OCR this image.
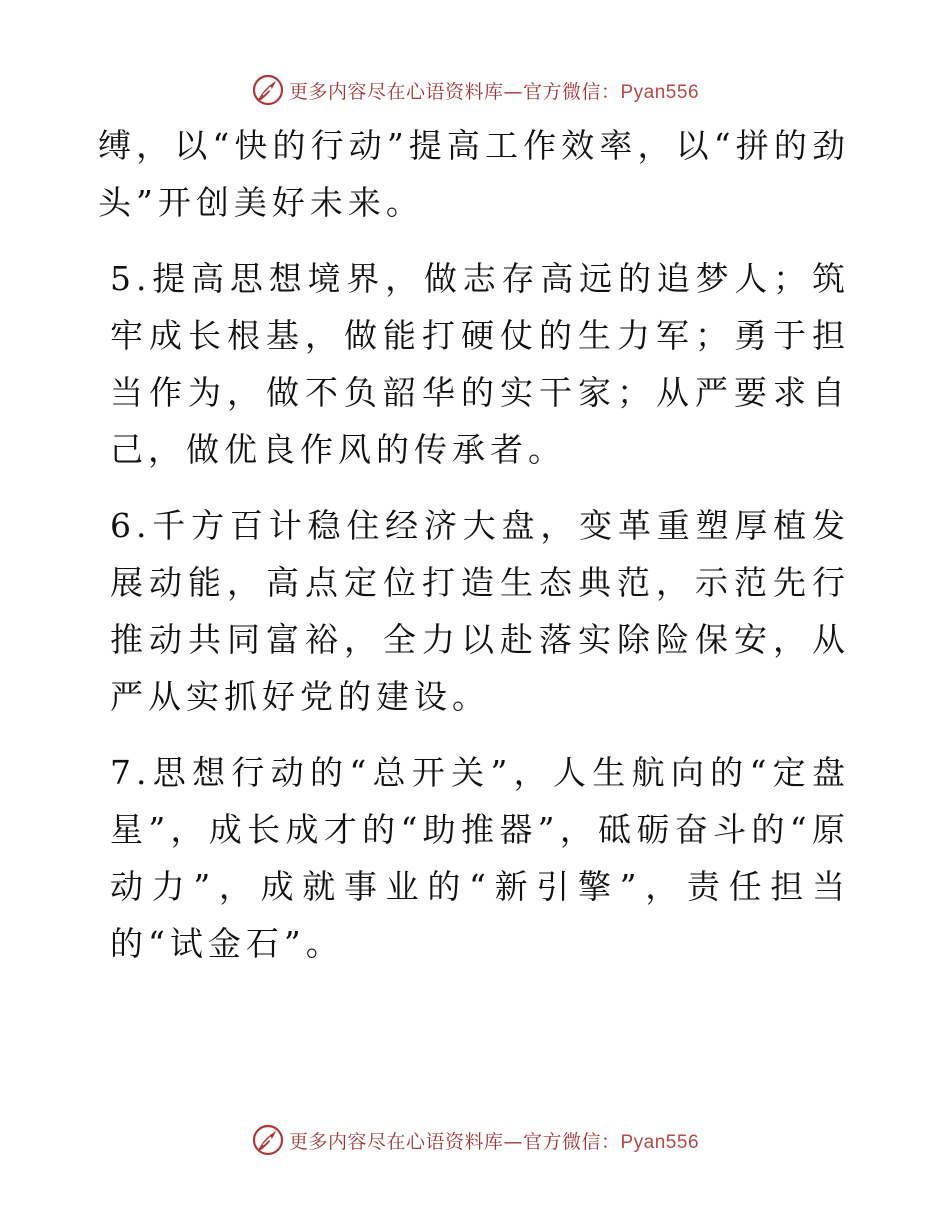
更多内容尽在心语资料库—官方微信：Pyan556

缚，以“快的行动”提高工作效率，以“拼的劲头”开创美好未来。

5.提高思想境界，做志存高远的追梦人；筑牢成长根基，做能打硬仗的生力军；勇于担当作为，做不负韶华的实干家；从严要求自己，做优良作风的传承者。

6.千方百计稳住经济大盘，变革重塑厚植发展动能，高点定位打造生态典范，示范先行推动共同富裕，全力以赴落实除险保安，从严从实抓好党的建设。

7.思想行动的“总开关”，人生航向的“定盘星”，成长成才的“助推器”，砥砺奋斗的“原动力”，成就事业的“新引擎”，责任担当的“试金石”。

更多内容尽在心语资料库—官方微信：Pyan556
